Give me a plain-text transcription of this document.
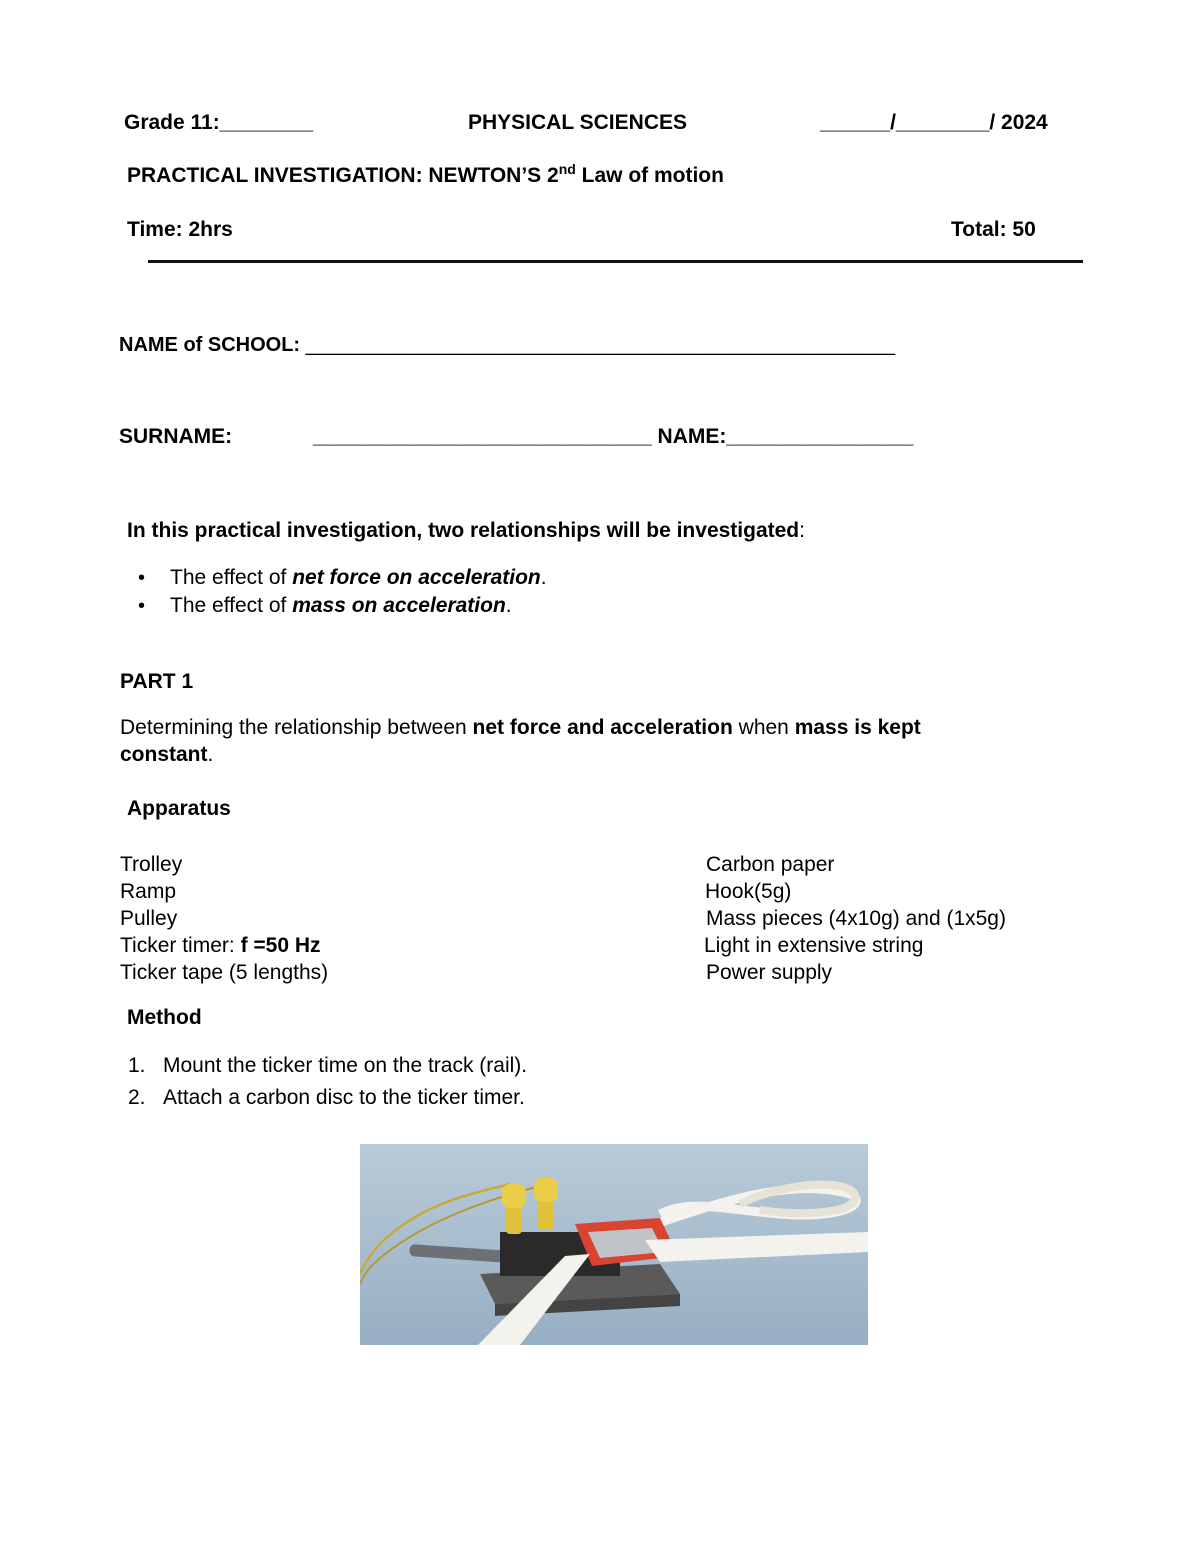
Grade 11:________	PHYSICAL SCIENCES	______/________/ 2024
PRACTICAL INVESTIGATION: NEWTON’S 2nd Law of motion
Time: 2hrs	Total: 50
NAME of SCHOOL: _____________________________________________________
SURNAME:	_____________________________ NAME:________________
In this practical investigation, two relationships will be investigated:
• The effect of net force on acceleration.
• The effect of mass on acceleration.
PART 1
Determining the relationship between net force and acceleration when mass is kept
constant.
Apparatus
Trolley
Ramp
Pulley
Ticker timer: f =50 Hz
Ticker tape (5 lengths)
Carbon paper
Hook(5g)
Mass pieces (4x10g) and (1x5g)
Light in extensive string
Power supply
Method
1. Mount the ticker time on the track (rail).
2. Attach a carbon disc to the ticker timer.
